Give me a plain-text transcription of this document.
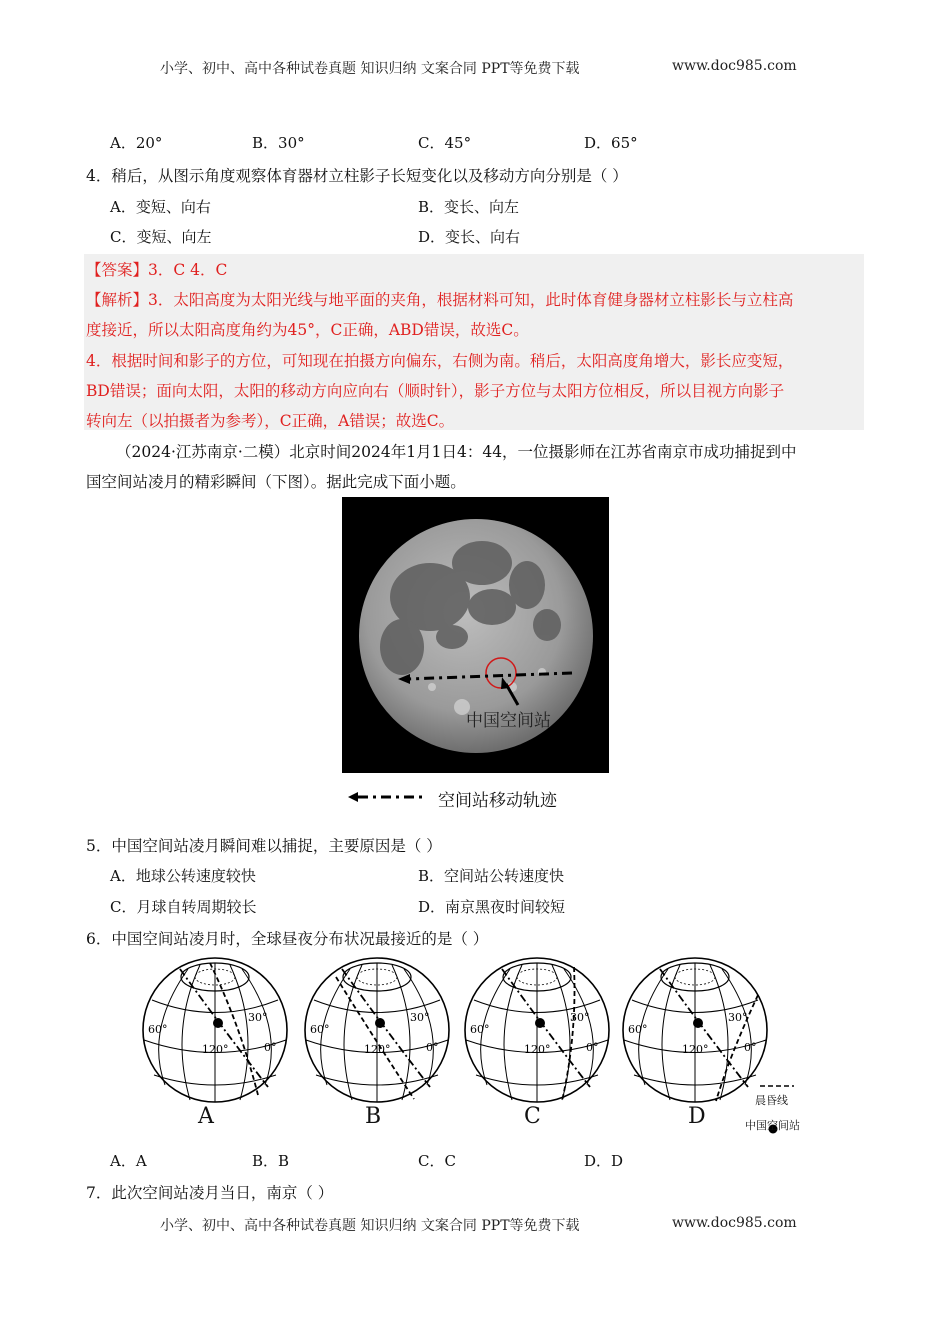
小学、初中、高中各种试卷真题 知识归纳 文案合同 PPT等免费下载	www.doc985.com
A．20°	B．30°	C．45°	D．65°
4．稍后，从图示角度观察体育器材立柱影子长短变化以及移动方向分别是（ ）
A．变短、向右	B．变长、向左
C．变短、向左	D．变长、向右
【答案】3．C 4．C
【解析】3．太阳高度为太阳光线与地平面的夹角，根据材料可知，此时体育健身器材立柱影长与立柱高
度接近，所以太阳高度角约为45°，C正确，ABD错误，故选C。
4．根据时间和影子的方位，可知现在拍摄方向偏东，右侧为南。稍后，太阳高度角增大，影长应变短，
BD错误；面向太阳，太阳的移动方向应向右（顺时针），影子方位与太阳方位相反，所以目视方向影子
转向左（以拍摄者为参考），C正确，A错误；故选C。
（2024·江苏南京·二模）北京时间2024年1月1日4：44，一位摄影师在江苏省南京市成功捕捉到中
国空间站凌月的精彩瞬间（下图）。据此完成下面小题。
中国空间站
空间站移动轨迹
5．中国空间站凌月瞬间难以捕捉，主要原因是（ ）
A．地球公转速度较快	B．空间站公转速度快
C．月球自转周期较长	D．南京黑夜时间较短
6．中国空间站凌月时，全球昼夜分布状况最接近的是（ ）
A	B	C	D
晨昏线
中国空间站
A．A	B．B	C．C	D．D
7．此次空间站凌月当日，南京（ ）
小学、初中、高中各种试卷真题 知识归纳 文案合同 PPT等免费下载	www.doc985.com
